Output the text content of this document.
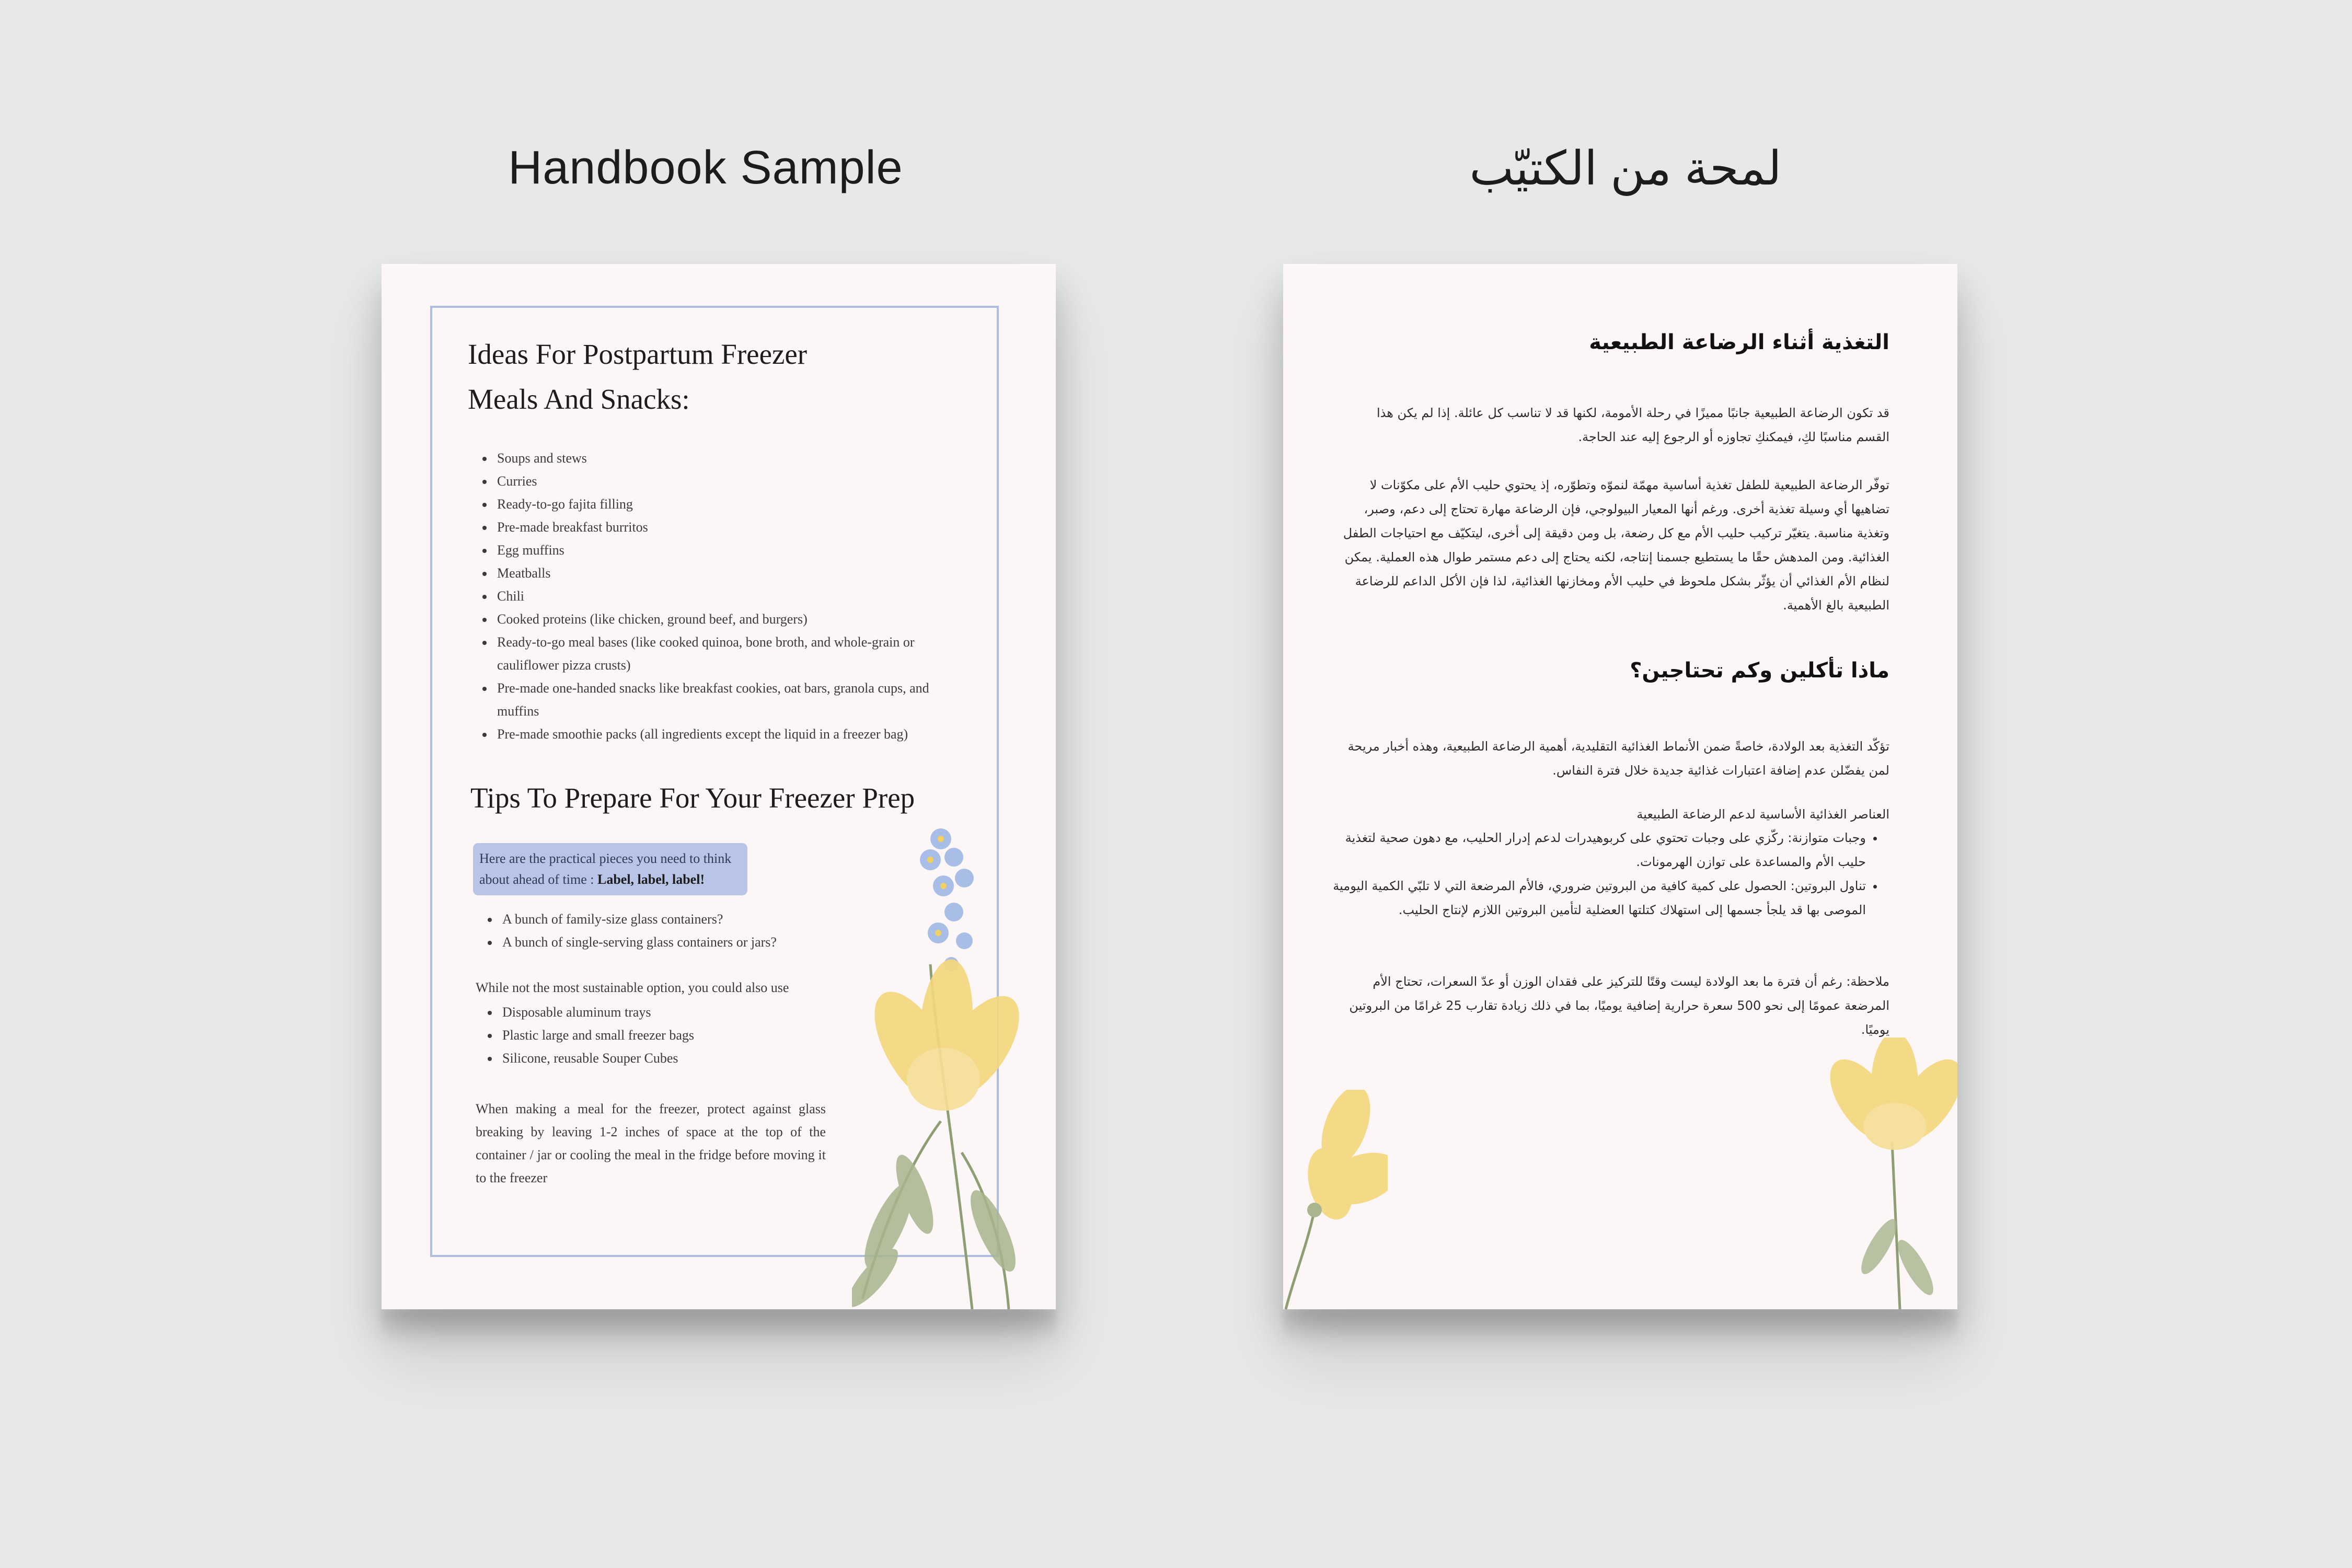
Handbook Sample	لمحة من الكتيّب
Ideas For Postpartum Freezer Meals And Snacks:
• Soups and stews
• Curries
• Ready-to-go fajita filling
• Pre-made breakfast burritos
• Egg muffins
• Meatballs
• Chili
• Cooked proteins (like chicken, ground beef, and burgers)
• Ready-to-go meal bases (like cooked quinoa, bone broth, and whole-grain or cauliflower pizza crusts)
• Pre-made one-handed snacks like breakfast cookies, oat bars, granola cups, and muffins
• Pre-made smoothie packs (all ingredients except the liquid in a freezer bag)
Tips To Prepare For Your Freezer Prep
Here are the practical pieces you need to think about ahead of time : Label, label, label!
• A bunch of family-size glass containers?
• A bunch of single-serving glass containers or jars?
While not the most sustainable option, you could also use
• Disposable aluminum trays
• Plastic large and small freezer bags
• Silicone, reusable Souper Cubes
When making a meal for the freezer, protect against glass breaking by leaving 1-2 inches of space at the top of the container / jar or cooling the meal in the fridge before moving it to the freezer
التغذية أثناء الرضاعة الطبيعية

قد تكون الرضاعة الطبيعية جانبًا مميزًا في رحلة الأمومة، لكنها قد لا تناسب كل عائلة. إذا لم يكن هذا القسم مناسبًا لكِ، فيمكنكِ تجاوزه أو الرجوع إليه عند الحاجة.

توفّر الرضاعة الطبيعية للطفل تغذية أساسية مهمّة لنموّه وتطوّره، إذ يحتوي حليب الأم على مكوّنات لا تضاهيها أي وسيلة تغذية أخرى. ورغم أنها المعيار البيولوجي، فإن الرضاعة مهارة تحتاج إلى دعم، وصبر، وتغذية مناسبة. يتغيّر تركيب حليب الأم مع كل رضعة، بل ومن دقيقة إلى أخرى، ليتكيّف مع احتياجات الطفل الغذائية. ومن المدهش حقًا ما يستطيع جسمنا إنتاجه، لكنه يحتاج إلى دعم مستمر طوال هذه العملية. يمكن لنظام الأم الغذائي أن يؤثّر بشكل ملحوظ في حليب الأم ومخازنها الغذائية، لذا فإن الأكل الداعم للرضاعة الطبيعية بالغ الأهمية.

ماذا تأكلين وكم تحتاجين؟

تؤكّد التغذية بعد الولادة، خاصةً ضمن الأنماط الغذائية التقليدية، أهمية الرضاعة الطبيعية، وهذه أخبار مريحة لمن يفضّلن عدم إضافة اعتبارات غذائية جديدة خلال فترة النفاس.

العناصر الغذائية الأساسية لدعم الرضاعة الطبيعية

• وجبات متوازنة: ركّزي على وجبات تحتوي على كربوهيدرات لدعم إدرار الحليب، مع دهون صحية لتغذية حليب الأم والمساعدة على توازن الهرمونات.
• تناول البروتين: الحصول على كمية كافية من البروتين ضروري، فالأم المرضعة التي لا تلبّي الكمية اليومية الموصى بها قد يلجأ جسمها إلى استهلاك كتلتها العضلية لتأمين البروتين اللازم لإنتاج الحليب.

ملاحظة: رغم أن فترة ما بعد الولادة ليست وقتًا للتركيز على فقدان الوزن أو عدّ السعرات، تحتاج الأم المرضعة عمومًا إلى نحو 500 سعرة حرارية إضافية يوميًا، بما في ذلك زيادة تقارب 25 غرامًا من البروتين يوميًا.
